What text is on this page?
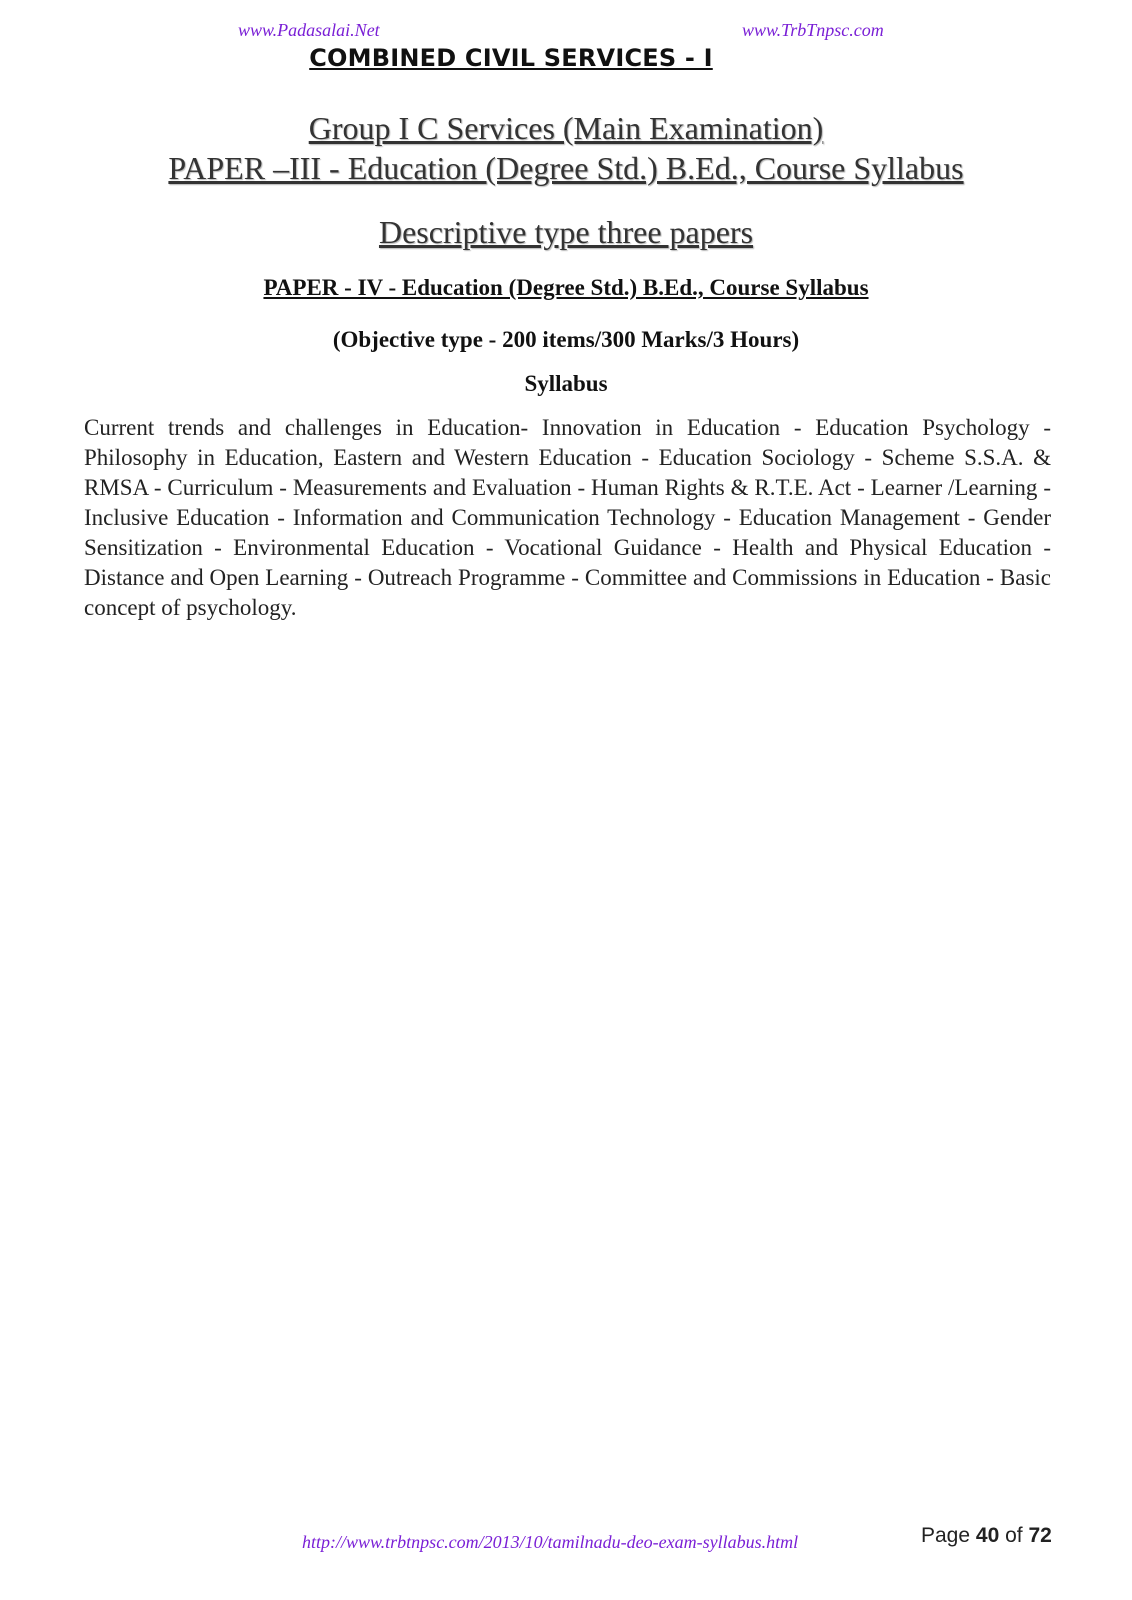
www.Padasalai.Net	www.TrbTnpsc.com
COMBINED CIVIL SERVICES - I
Group I C Services (Main Examination)
PAPER –III - Education (Degree Std.) B.Ed., Course Syllabus
Descriptive type three papers
PAPER - IV - Education (Degree Std.) B.Ed., Course Syllabus
(Objective type - 200 items/300 Marks/3 Hours)
Syllabus
Current trends and challenges in Education- Innovation in Education - Education Psychology -Philosophy in Education, Eastern and Western Education - Education Sociology - Scheme S.S.A. & RMSA - Curriculum - Measurements and Evaluation - Human Rights & R.T.E. Act - Learner /Learning - Inclusive Education - Information and Communication Technology - Education Management - Gender Sensitization - Environmental Education - Vocational Guidance - Health and Physical Education - Distance and Open Learning - Outreach Programme - Committee and Commissions in Education - Basic concept of psychology.
http://www.trbtnpsc.com/2013/10/tamilnadu-deo-exam-syllabus.html	Page 40 of 72
